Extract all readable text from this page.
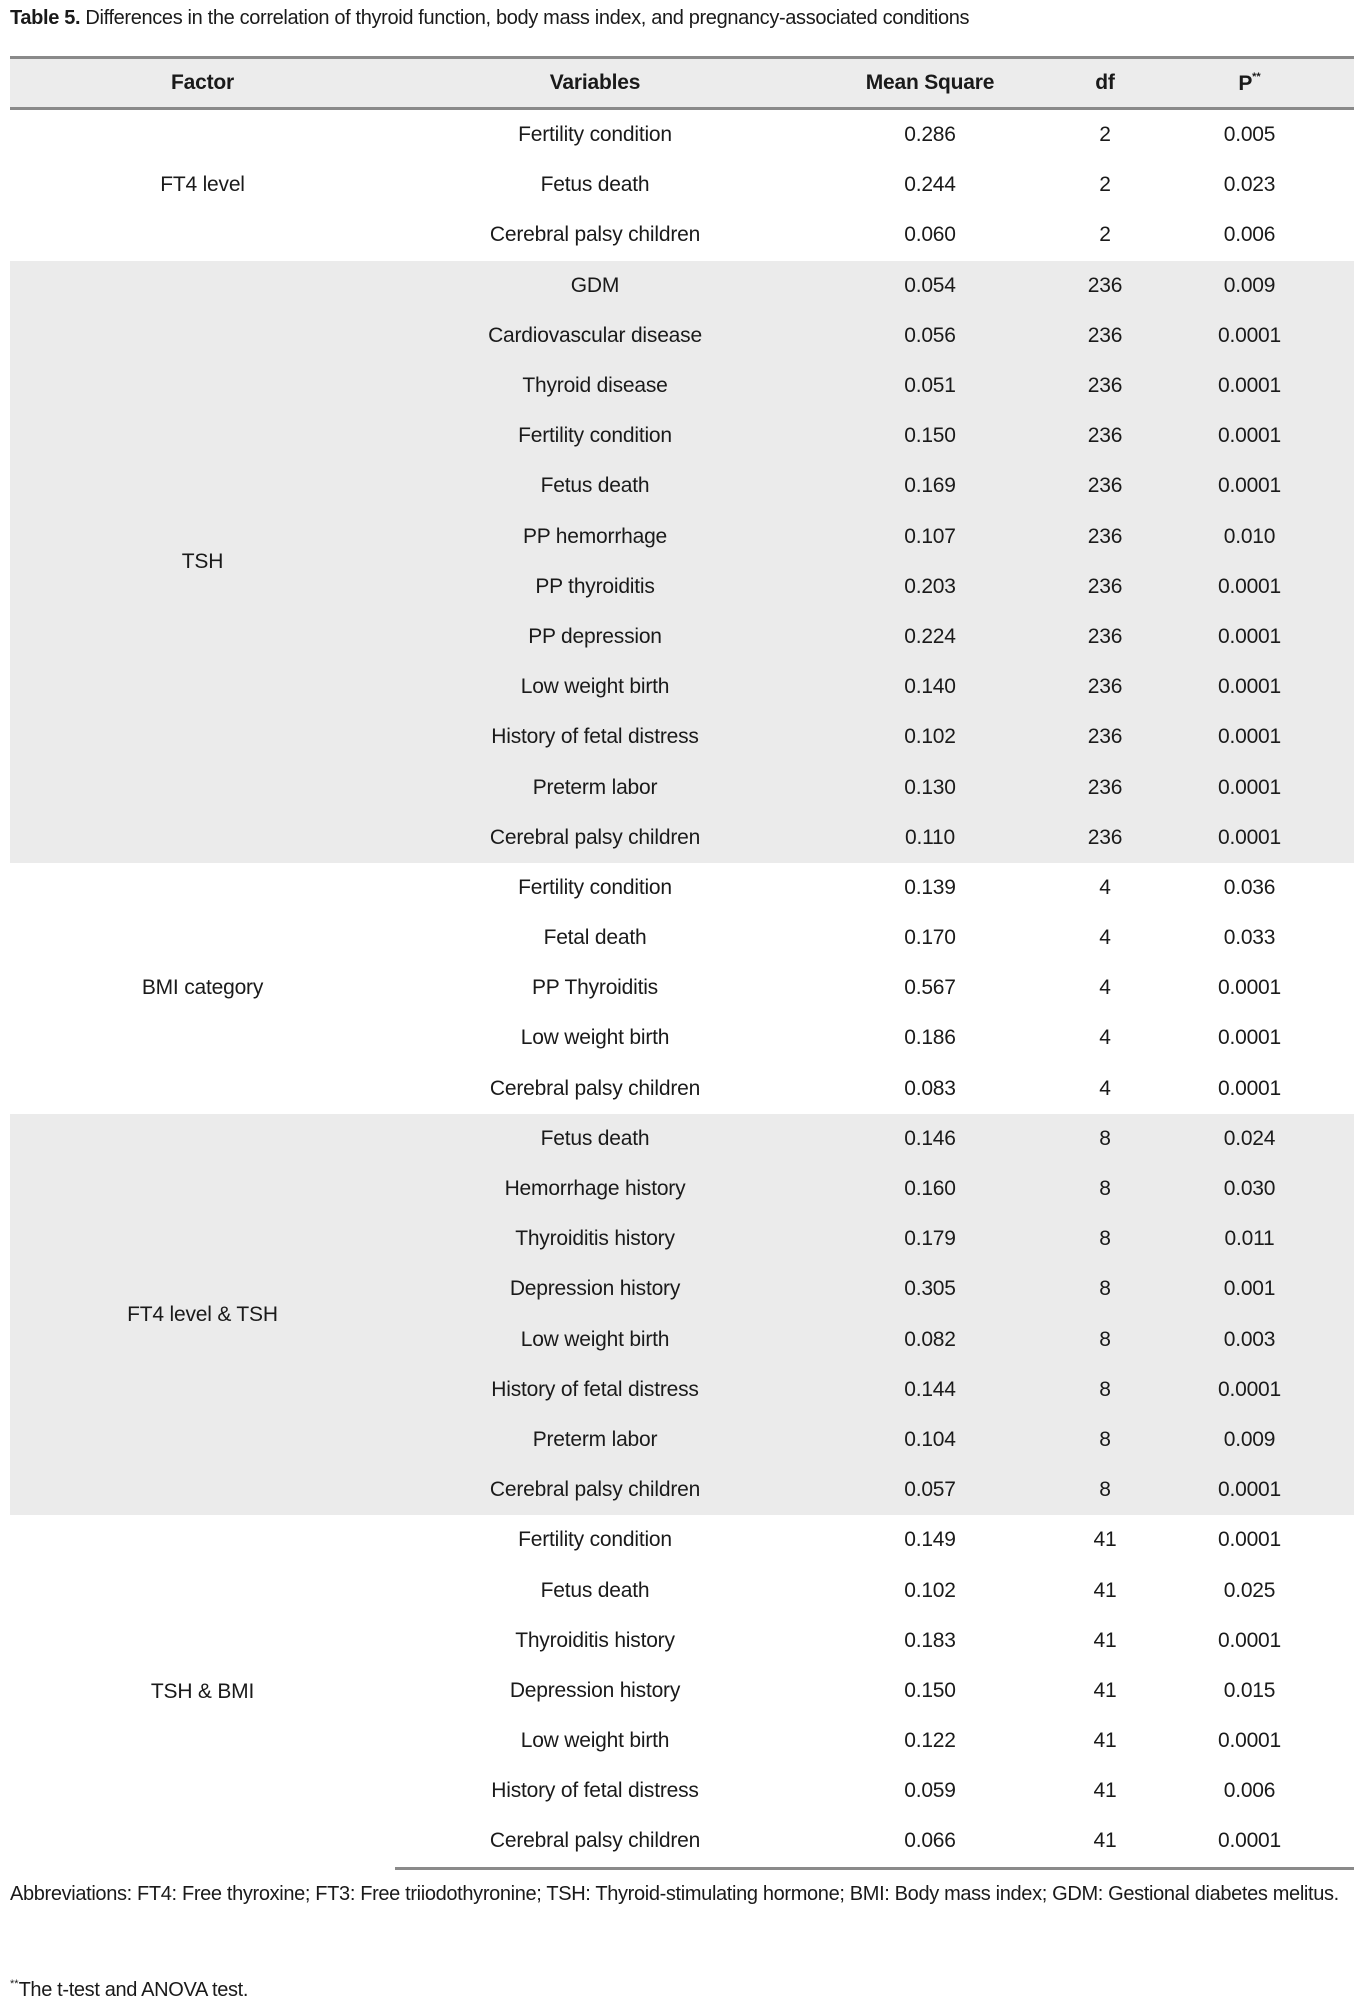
Table 5. Differences in the correlation of thyroid function, body mass index, and pregnancy-associated conditions
Factor	Variables	Mean Square	df	P**
FT4 level	Fertility condition	0.286	2	0.005
	Fetus death	0.244	2	0.023
	Cerebral palsy children	0.060	2	0.006
TSH	GDM	0.054	236	0.009
	Cardiovascular disease	0.056	236	0.0001
	Thyroid disease	0.051	236	0.0001
	Fertility condition	0.150	236	0.0001
	Fetus death	0.169	236	0.0001
	PP hemorrhage	0.107	236	0.010
	PP thyroiditis	0.203	236	0.0001
	PP depression	0.224	236	0.0001
	Low weight birth	0.140	236	0.0001
	History of fetal distress	0.102	236	0.0001
	Preterm labor	0.130	236	0.0001
	Cerebral palsy children	0.110	236	0.0001
BMI category	Fertility condition	0.139	4	0.036
	Fetal death	0.170	4	0.033
	PP Thyroiditis	0.567	4	0.0001
	Low weight birth	0.186	4	0.0001
	Cerebral palsy children	0.083	4	0.0001
FT4 level & TSH	Fetus death	0.146	8	0.024
	Hemorrhage history	0.160	8	0.030
	Thyroiditis history	0.179	8	0.011
	Depression history	0.305	8	0.001
	Low weight birth	0.082	8	0.003
	History of fetal distress	0.144	8	0.0001
	Preterm labor	0.104	8	0.009
	Cerebral palsy children	0.057	8	0.0001
TSH & BMI	Fertility condition	0.149	41	0.0001
	Fetus death	0.102	41	0.025
	Thyroiditis history	0.183	41	0.0001
	Depression history	0.150	41	0.015
	Low weight birth	0.122	41	0.0001
	History of fetal distress	0.059	41	0.006
	Cerebral palsy children	0.066	41	0.0001
Abbreviations: FT4: Free thyroxine; FT3: Free triiodothyronine; TSH: Thyroid-stimulating hormone; BMI: Body mass index; GDM: Gestional diabetes melitus.
**The t-test and ANOVA test.
